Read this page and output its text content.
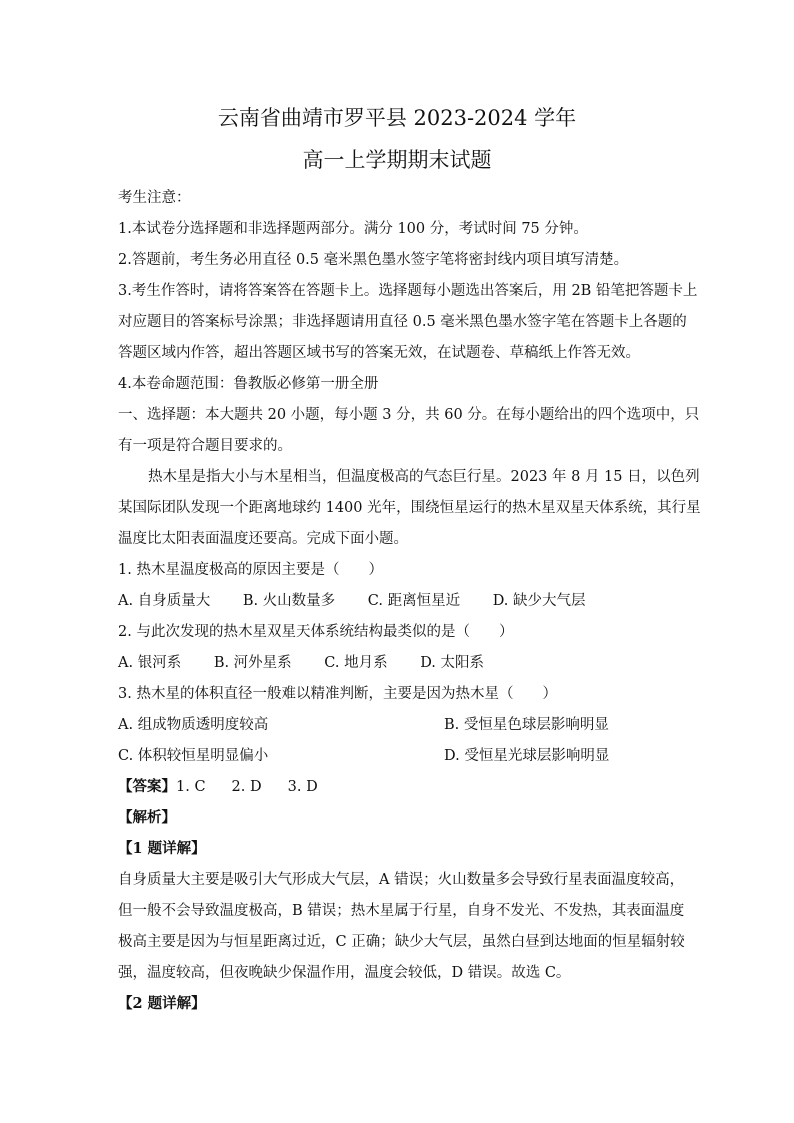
云南省曲靖市罗平县 2023-2024 学年
高一上学期期末试题
考生注意：
1.本试卷分选择题和非选择题两部分。满分 100 分，考试时间 75 分钟。
2.答题前，考生务必用直径 0.5 毫米黑色墨水签字笔将密封线内项目填写清楚。
3.考生作答时，请将答案答在答题卡上。选择题每小题选出答案后，用 2B 铅笔把答题卡上
对应题目的答案标号涂黑；非选择题请用直径 0.5 毫米黑色墨水签字笔在答题卡上各题的
答题区域内作答，超出答题区域书写的答案无效，在试题卷、草稿纸上作答无效。
4.本卷命题范围：鲁教版必修第一册全册
一、选择题：本大题共 20 小题，每小题 3 分，共 60 分。在每小题给出的四个选项中，只
有一项是符合题目要求的。
热木星是指大小与木星相当，但温度极高的气态巨行星。2023 年 8 月 15 日，以色列
某国际团队发现一个距离地球约 1400 光年，围绕恒星运行的热木星双星天体系统，其行星
温度比太阳表面温度还要高。完成下面小题。
1. 热木星温度极高的原因主要是（　　）
A. 自身质量大 B. 火山数量多 C. 距离恒星近 D. 缺少大气层
2. 与此次发现的热木星双星天体系统结构最类似的是（　　）
A. 银河系 B. 河外星系 C. 地月系 D. 太阳系
3. 热木星的体积直径一般难以精准判断，主要是因为热木星（　　）
A. 组成物质透明度较高	B. 受恒星色球层影响明显
C. 体积较恒星明显偏小	D. 受恒星光球层影响明显
【答案】1. C 2. D 3. D
【解析】
【1 题详解】
自身质量大主要是吸引大气形成大气层，A 错误；火山数量多会导致行星表面温度较高，
但一般不会导致温度极高，B 错误；热木星属于行星，自身不发光、不发热，其表面温度
极高主要是因为与恒星距离过近，C 正确；缺少大气层，虽然白昼到达地面的恒星辐射较
强，温度较高，但夜晚缺少保温作用，温度会较低，D 错误。故选 C。
【2 题详解】
